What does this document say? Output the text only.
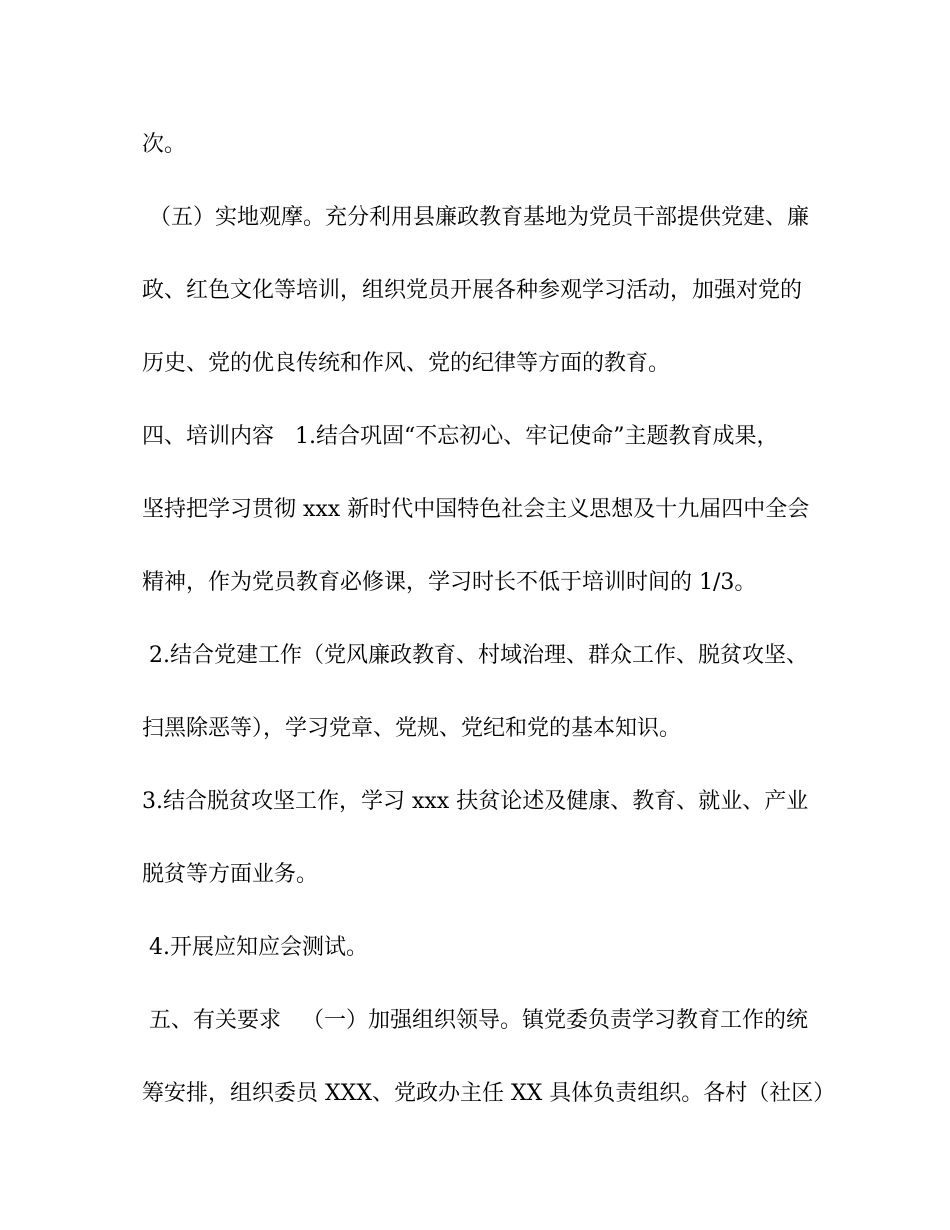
次。

（五）实地观摩。充分利用县廉政教育基地为党员干部提供党建、廉

政、红色文化等培训，组织党员开展各种参观学习活动，加强对党的

历史、党的优良传统和作风、党的纪律等方面的教育。

四、培训内容   1.结合巩固“不忘初心、牢记使命”主题教育成果，

坚持把学习贯彻 xxx 新时代中国特色社会主义思想及十九届四中全会

精神，作为党员教育必修课，学习时长不低于培训时间的 1/3。

2.结合党建工作（党风廉政教育、村域治理、群众工作、脱贫攻坚、

扫黑除恶等），学习党章、党规、党纪和党的基本知识。

3.结合脱贫攻坚工作，学习 xxx 扶贫论述及健康、教育、就业、产业

脱贫等方面业务。

4.开展应知应会测试。

五、有关要求   （一）加强组织领导。镇党委负责学习教育工作的统

筹安排，组织委员 XXX、党政办主任 XX 具体负责组织。各村（社区）
